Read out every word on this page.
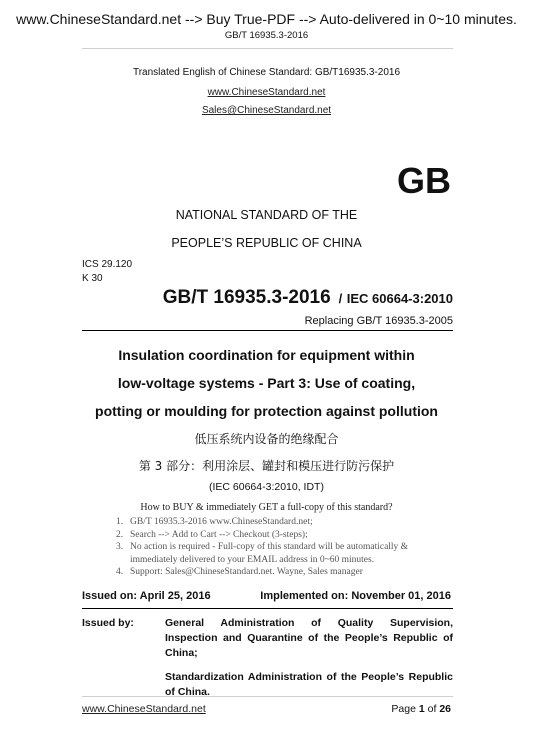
www.ChineseStandard.net --> Buy True-PDF --> Auto-delivered in 0~10 minutes.
GB/T 16935.3-2016
Translated English of Chinese Standard: GB/T16935.3-2016
www.ChineseStandard.net
Sales@ChineseStandard.net
GB
NATIONAL STANDARD OF THE
PEOPLE’S REPUBLIC OF CHINA
ICS 29.120
K 30
GB/T 16935.3-2016 / IEC 60664-3:2010
Replacing GB/T 16935.3-2005
Insulation coordination for equipment within
low-voltage systems - Part 3: Use of coating,
potting or moulding for protection against pollution
低压系统内设备的绝缘配合
第 3 部分：利用涂层、罐封和模压进行防污保护
(IEC 60664-3:2010, IDT)
How to BUY & immediately GET a full-copy of this standard?
1. GB/T 16935.3-2016 www.ChineseStandard.net;
2. Search --> Add to Cart --> Checkout (3-steps);
3. No action is required - Full-copy of this standard will be automatically & immediately delivered to your EMAIL address in 0~60 minutes.
4. Support: Sales@ChineseStandard.net. Wayne, Sales manager
Issued on: April 25, 2016	Implemented on: November 01, 2016
Issued by:	General Administration of Quality Supervision, Inspection and Quarantine of the People’s Republic of China;
Standardization Administration of the People’s Republic of China.
www.ChineseStandard.net	Page 1 of 26
